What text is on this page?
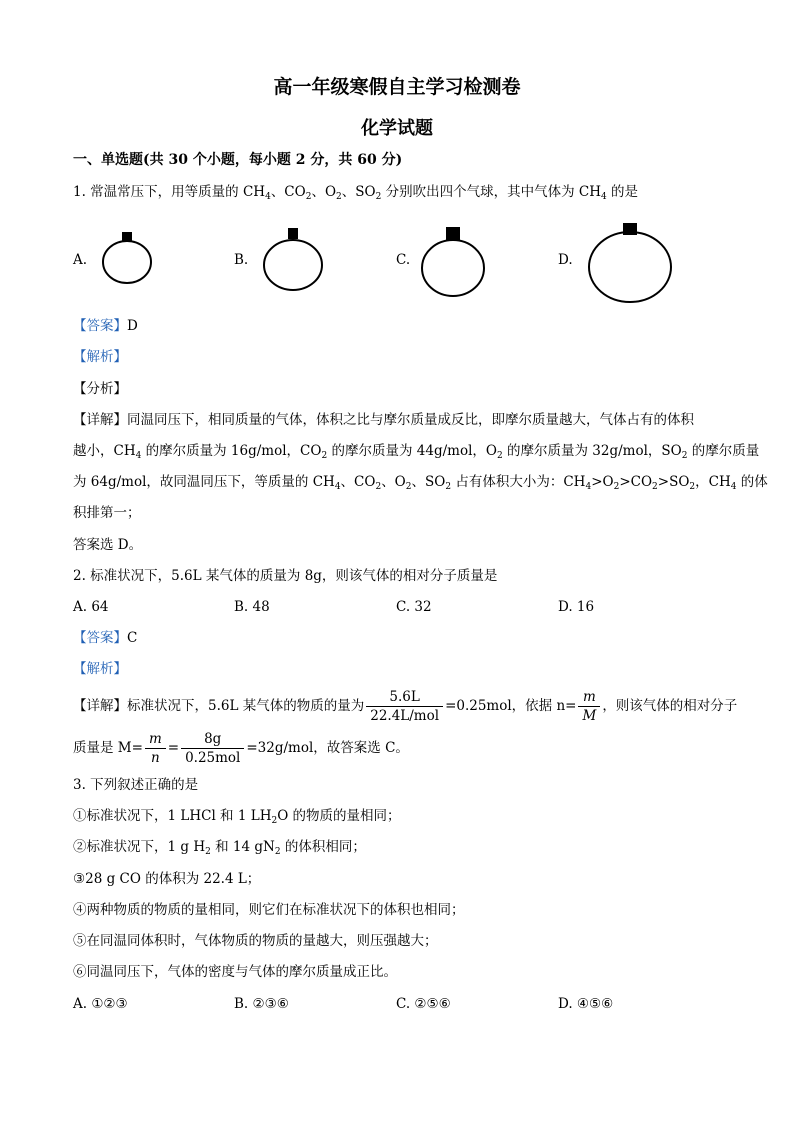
高一年级寒假自主学习检测卷
化学试题
一、单选题(共 30 个小题，每小题 2 分，共 60 分)
1. 常温常压下，用等质量的 $CH_4$、$CO_2$、$O_2$、$SO_2$ 分别吹出四个气球，其中气体为 $CH_4$ 的是
A.	B.	C.	D.
【答案】D
【解析】
【分析】
【详解】同温同压下，相同质量的气体，体积之比与摩尔质量成反比，即摩尔质量越大，气体占有的体积
越小，$CH_4$ 的摩尔质量为 16g/mol，$CO_2$ 的摩尔质量为 44g/mol，$O_2$ 的摩尔质量为 32g/mol，$SO_2$ 的摩尔质量
为 64g/mol，故同温同压下，等质量的 $CH_4$、$CO_2$、$O_2$、$SO_2$ 占有体积大小为：$CH_4>O_2>CO_2>SO_2$，$CH_4$ 的体
积排第一；
答案选 D。
2. 标准状况下，5.6L 某气体的质量为 8g，则该气体的相对分子质量是
A. 64	B. 48	C. 32	D. 16
【答案】C
【解析】
【详解】标准状况下，5.6L 某气体的物质的量为 $\frac{5.6L}{\text{22.4L/mol}} =0.25mol$，依据 $n= \frac{m}{M}$ ，则该气体的相对分子
质量是 $M= \frac{m}{n} = \frac{8g}{\text{0.25mol}} =32g/mol$，故答案选 C。
3. 下列叙述正确的是
①标准状况下，1 LHCl 和 1 $LH_2O$ 的物质的量相同；
②标准状况下，1 g $H_2$ 和 14 $gN_2$ 的体积相同；
③28 g CO 的体积为 22.4 L；
④两种物质的物质的量相同，则它们在标准状况下的体积也相同；
⑤在同温同体积时，气体物质的物质的量越大，则压强越大；
⑥同温同压下，气体的密度与气体的摩尔质量成正比。
A. ①②③	B. ②③⑥	C. ②⑤⑥	D. ④⑤⑥
